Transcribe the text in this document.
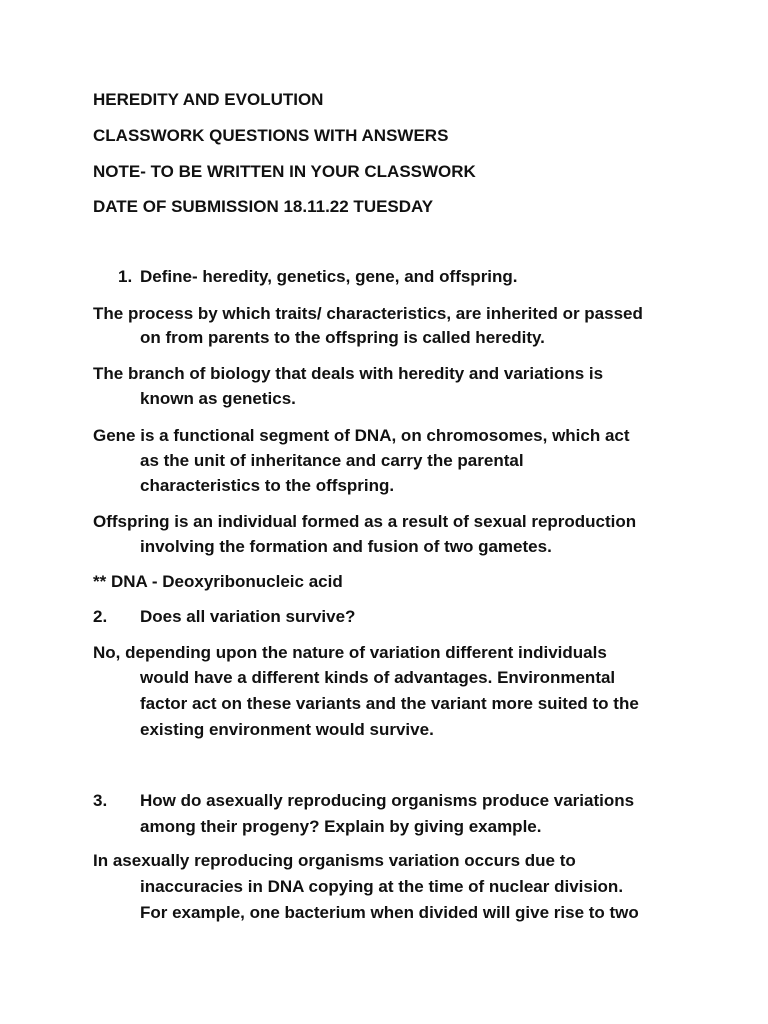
HEREDITY AND EVOLUTION
CLASSWORK QUESTIONS WITH ANSWERS
NOTE- TO BE WRITTEN IN YOUR CLASSWORK
DATE OF SUBMISSION 18.11.22 TUESDAY
1. Define- heredity, genetics, gene, and offspring.
The process by which traits/ characteristics, are inherited or passed
on from parents to the offspring is called heredity.
The branch of biology that deals with heredity and variations is
known as genetics.
Gene is a functional segment of DNA, on chromosomes, which act
as the unit of inheritance and carry the parental
characteristics to the offspring.
Offspring is an individual formed as a result of sexual reproduction
involving the formation and fusion of two gametes.
** DNA - Deoxyribonucleic acid
2. Does all variation survive?
No, depending upon the nature of variation different individuals
would have a different kinds of advantages. Environmental
factor act on these variants and the variant more suited to the
existing environment would survive.
3. How do asexually reproducing organisms produce variations
among their progeny? Explain by giving example.
In asexually reproducing organisms variation occurs due to
inaccuracies in DNA copying at the time of nuclear division.
For example, one bacterium when divided will give rise to two
